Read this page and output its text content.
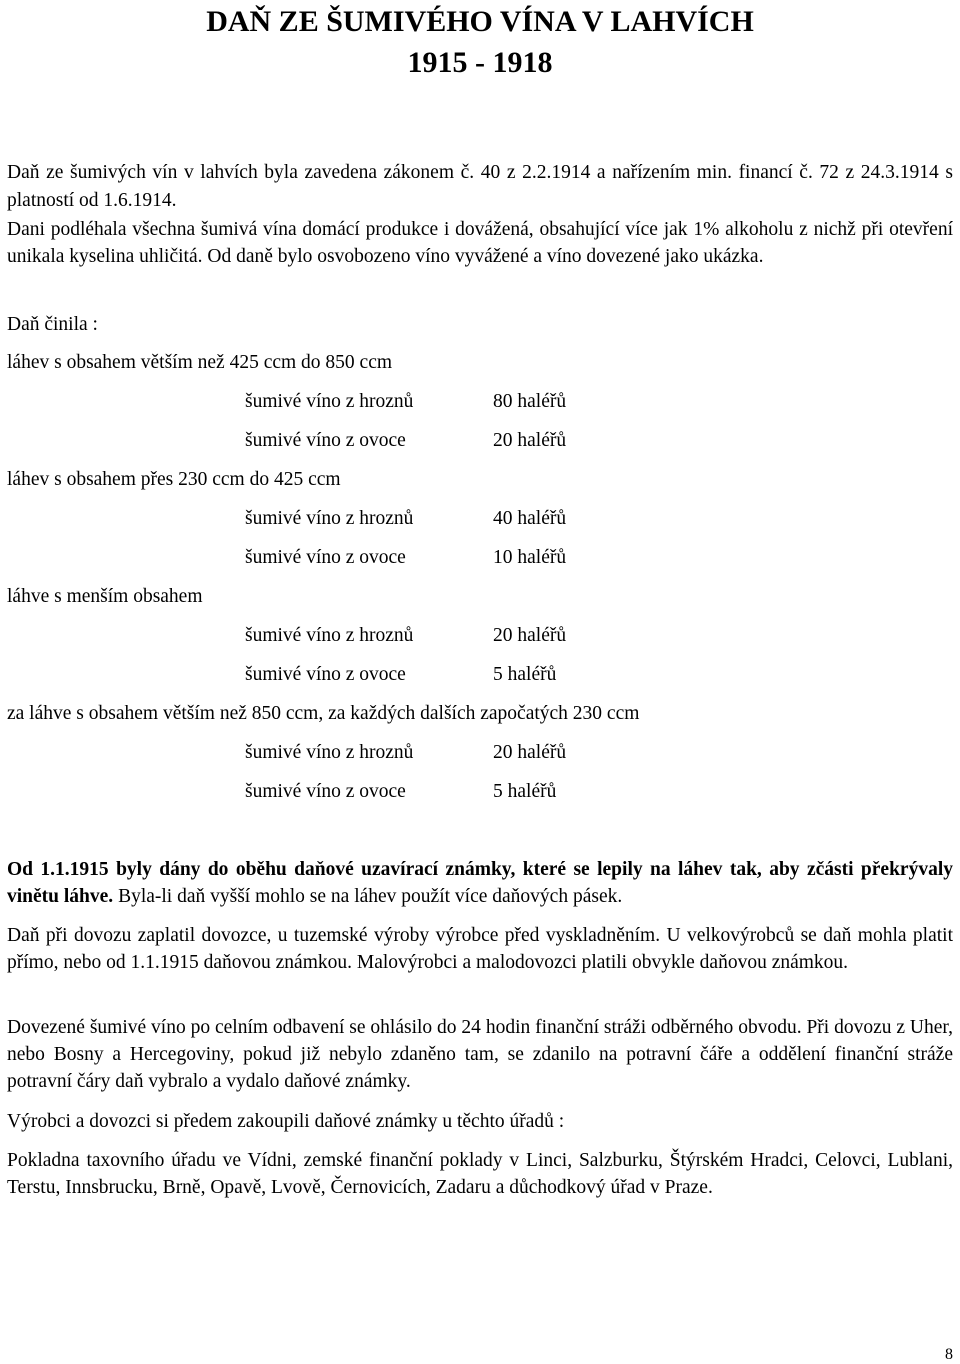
DAŇ ZE ŠUMIVÉHO VÍNA V LAHVÍCH
1915 - 1918

Daň ze šumivých vín v lahvích byla zavedena zákonem č. 40 z 2.2.1914 a nařízením min. financí č. 72 z 24.3.1914 s platností od 1.6.1914.

Dani podléhala všechna šumivá vína domácí produkce i dovážená, obsahující více jak 1% alkoholu z nichž při otevření unikala kyselina uhličitá. Od daně bylo osvobozeno víno vyvážené a víno dovezené jako ukázka.

Daň činila :
láhev s obsahem větším než 425 ccm do 850 ccm
šumivé víno z hroznů	80 haléřů
šumivé víno z ovoce	20 haléřů
láhev s obsahem přes 230 ccm do 425 ccm
šumivé víno z hroznů	40 haléřů
šumivé víno z ovoce	10 haléřů
láhve s menším obsahem
šumivé víno z hroznů	20 haléřů
šumivé víno z ovoce	5 haléřů
za láhve s obsahem větším než 850 ccm, za každých dalších započatých 230 ccm
šumivé víno z hroznů	20 haléřů
šumivé víno z ovoce	5 haléřů

Od 1.1.1915 byly dány do oběhu daňové uzavírací známky, které se lepily na láhev tak, aby zčásti překrývaly vinětu láhve. Byla-li daň vyšší mohlo se na láhev použít více daňových pásek.

Daň při dovozu zaplatil dovozce, u tuzemské výroby výrobce před vyskladněním. U velkovýrobců se daň mohla platit přímo, nebo od 1.1.1915 daňovou známkou. Malovýrobci a malodovozci platili obvykle daňovou známkou.

Dovezené šumivé víno po celním odbavení se ohlásilo do 24 hodin finanční stráži odběrného obvodu. Při dovozu z Uher, nebo Bosny a Hercegoviny, pokud již nebylo zdaněno tam, se zdanilo na potravní čáře a oddělení finanční stráže potravní čáry daň vybralo a vydalo daňové známky.

Výrobci a dovozci si předem zakoupili daňové známky u těchto úřadů :

Pokladna taxovního úřadu ve Vídni, zemské finanční poklady v Linci, Salzburku, Štýrském Hradci, Celovci, Lublani, Terstu, Innsbrucku, Brně, Opavě, Lvově, Černovicích, Zadaru a důchodkový úřad v Praze.

8
